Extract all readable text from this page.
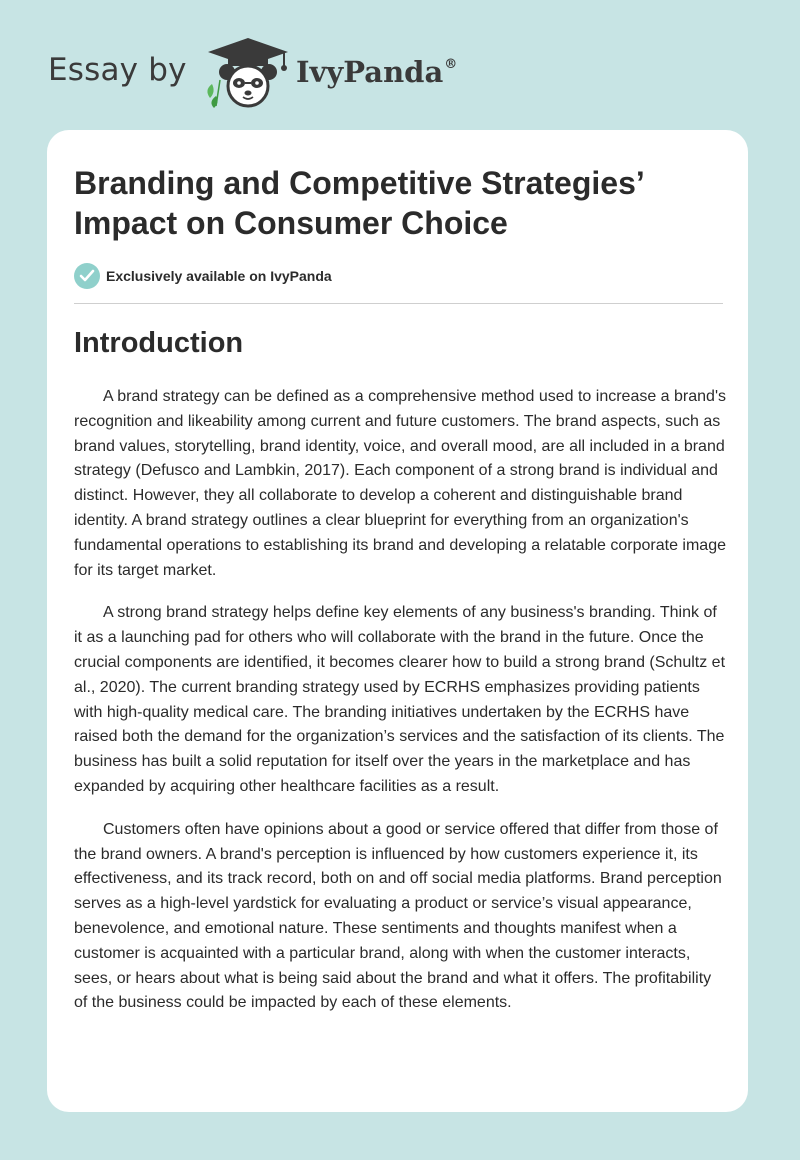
Essay by	IvyPanda®
Branding and Competitive Strategies’ Impact on Consumer Choice
Exclusively available on IvyPanda
Introduction

A brand strategy can be defined as a comprehensive method used to increase a brand's recognition and likeability among current and future customers. The brand aspects, such as brand values, storytelling, brand identity, voice, and overall mood, are all included in a brand strategy (Defusco and Lambkin, 2017). Each component of a strong brand is individual and distinct. However, they all collaborate to develop a coherent and distinguishable brand identity. A brand strategy outlines a clear blueprint for everything from an organization's fundamental operations to establishing its brand and developing a relatable corporate image for its target market.

A strong brand strategy helps define key elements of any business's branding. Think of it as a launching pad for others who will collaborate with the brand in the future. Once the crucial components are identified, it becomes clearer how to build a strong brand (Schultz et al., 2020). The current branding strategy used by ECRHS emphasizes providing patients with high-quality medical care. The branding initiatives undertaken by the ECRHS have raised both the demand for the organization’s services and the satisfaction of its clients. The business has built a solid reputation for itself over the years in the marketplace and has expanded by acquiring other healthcare facilities as a result.

Customers often have opinions about a good or service offered that differ from those of the brand owners. A brand's perception is influenced by how customers experience it, its effectiveness, and its track record, both on and off social media platforms. Brand perception serves as a high-level yardstick for evaluating a product or service’s visual appearance, benevolence, and emotional nature. These sentiments and thoughts manifest when a customer is acquainted with a particular brand, along with when the customer interacts, sees, or hears about what is being said about the brand and what it offers. The profitability of the business could be impacted by each of these elements.
